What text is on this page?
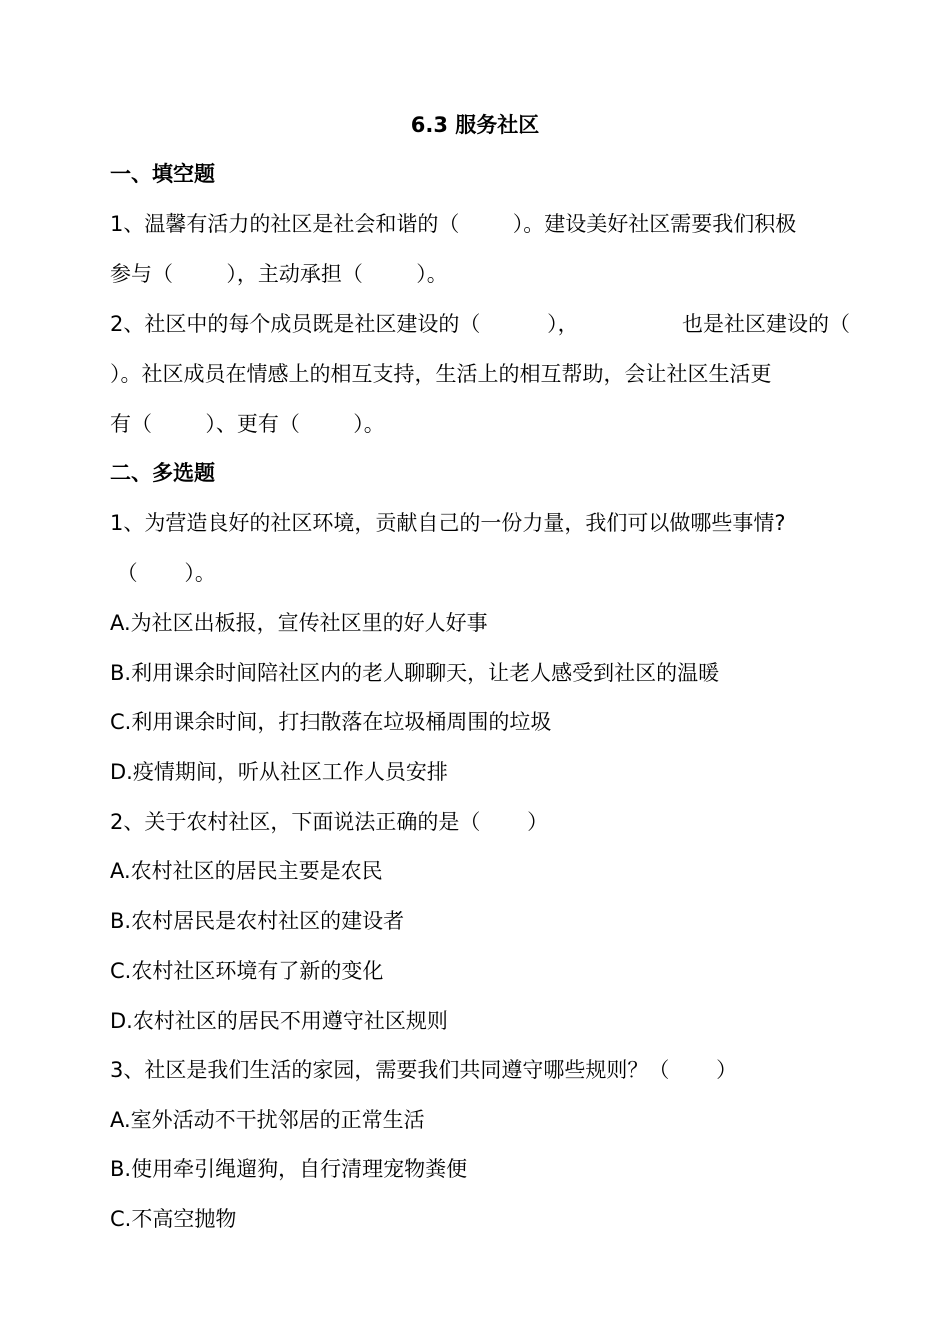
6.3 服务社区
一、填空题
1、温馨有活力的社区是社会和谐的（        ）。建设美好社区需要我们积极
参与（        ），主动承担（        ）。
2、社区中的每个成员既是社区建设的（          ），	也是社区建设的（
）。社区成员在情感上的相互支持，生活上的相互帮助，会让社区生活更
有（        ）、更有（        ）。
二、多选题
1、为营造良好的社区环境，贡献自己的一份力量，我们可以做哪些事情?
（       ）。
A.为社区出板报，宣传社区里的好人好事
B.利用课余时间陪社区内的老人聊聊天，让老人感受到社区的温暖
C.利用课余时间，打扫散落在垃圾桶周围的垃圾
D.疫情期间，听从社区工作人员安排
2、关于农村社区，下面说法正确的是（       ）
A.农村社区的居民主要是农民
B.农村居民是农村社区的建设者
C.农村社区环境有了新的变化
D.农村社区的居民不用遵守社区规则
3、社区是我们生活的家园，需要我们共同遵守哪些规则？（       ）
A.室外活动不干扰邻居的正常生活
B.使用牵引绳遛狗，自行清理宠物粪便
C.不高空抛物
